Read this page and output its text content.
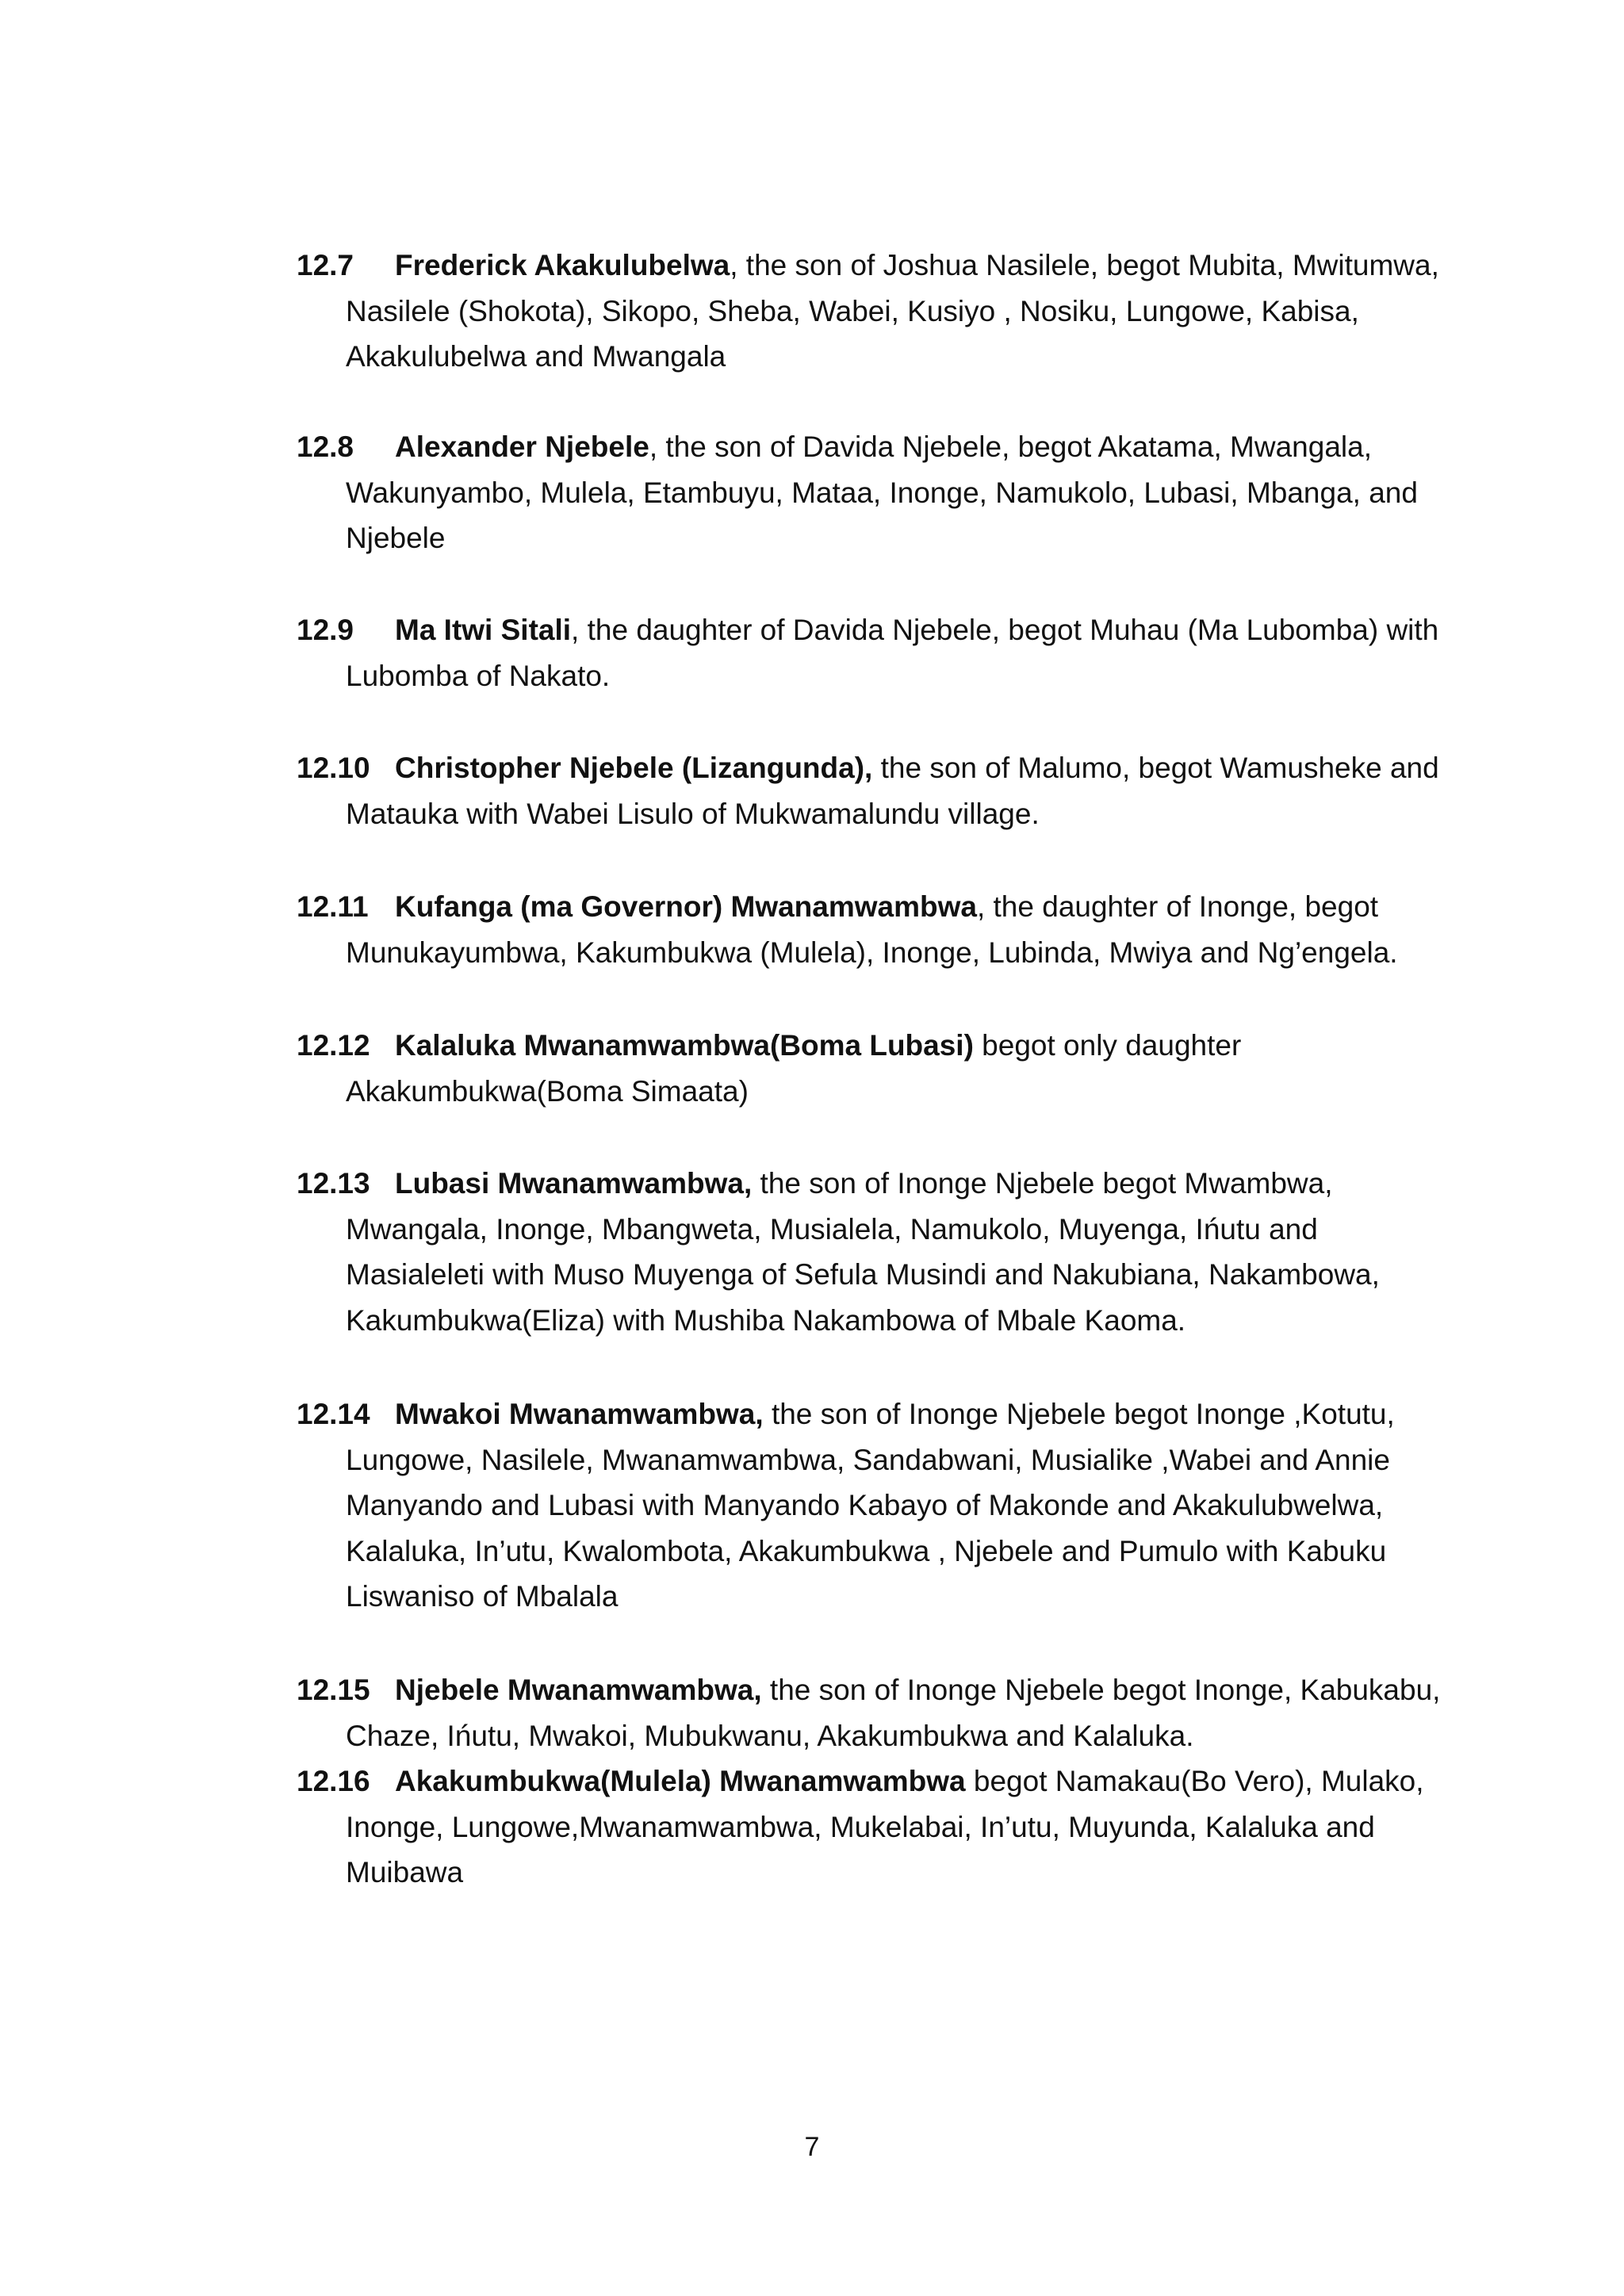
12.7 Frederick Akakulubelwa, the son of Joshua Nasilele, begot Mubita, Mwitumwa, Nasilele (Shokota), Sikopo, Sheba, Wabei, Kusiyo , Nosiku, Lungowe, Kabisa, Akakulubelwa and Mwangala

12.8 Alexander Njebele, the son of Davida Njebele, begot Akatama, Mwangala, Wakunyambo, Mulela, Etambuyu, Mataa, Inonge, Namukolo, Lubasi, Mbanga, and Njebele

12.9 Ma Itwi Sitali, the daughter of Davida Njebele, begot Muhau (Ma Lubomba) with Lubomba of Nakato.

12.10 Christopher Njebele (Lizangunda), the son of Malumo, begot Wamusheke and Matauka with Wabei Lisulo of Mukwamalundu village.

12.11 Kufanga (ma Governor) Mwanamwambwa, the daughter of Inonge, begot Munukayumbwa, Kakumbukwa (Mulela), Inonge, Lubinda, Mwiya and Ng’engela.

12.12 Kalaluka Mwanamwambwa(Boma Lubasi) begot only daughter Akakumbukwa(Boma Simaata)

12.13 Lubasi Mwanamwambwa, the son of Inonge Njebele begot Mwambwa, Mwangala, Inonge, Mbangweta, Musialela, Namukolo, Muyenga, Ińutu and Masialeleti with Muso Muyenga of Sefula Musindi and Nakubiana, Nakambowa, Kakumbukwa(Eliza) with Mushiba Nakambowa of Mbale Kaoma.

12.14 Mwakoi Mwanamwambwa, the son of Inonge Njebele begot Inonge ,Kotutu, Lungowe, Nasilele, Mwanamwambwa, Sandabwani, Musialike ,Wabei and Annie Manyando and Lubasi with Manyando Kabayo of Makonde and Akakulubwelwa, Kalaluka, In’utu, Kwalombota, Akakumbukwa , Njebele and Pumulo with Kabuku Liswaniso of Mbalala

12.15 Njebele Mwanamwambwa, the son of Inonge Njebele begot Inonge, Kabukabu, Chaze, Ińutu, Mwakoi, Mubukwanu, Akakumbukwa and Kalaluka.

12.16 Akakumbukwa(Mulela) Mwanamwambwa begot Namakau(Bo Vero), Mulako, Inonge, Lungowe,Mwanamwambwa, Mukelabai, In’utu, Muyunda, Kalaluka and Muibawa

7
